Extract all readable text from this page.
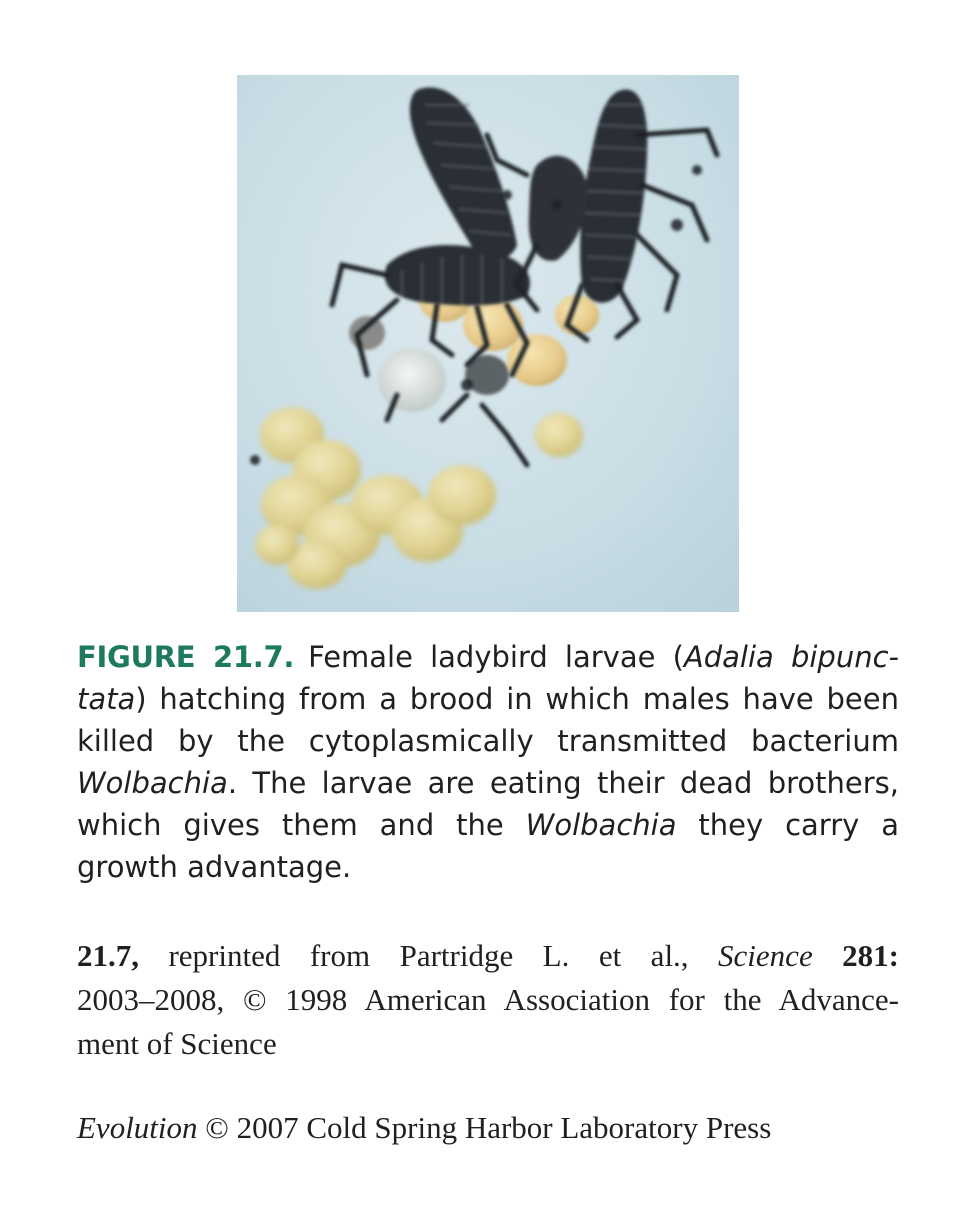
FIGURE 21.7. Female ladybird larvae (Adalia bipunc-
tata) hatching from a brood in which males have been
killed by the cytoplasmically transmitted bacterium
Wolbachia. The larvae are eating their dead brothers,
which gives them and the Wolbachia they carry a
growth advantage.
21.7, reprinted from Partridge L. et al., Science 281:
2003–2008, © 1998 American Association for the Advance-
ment of Science
Evolution © 2007 Cold Spring Harbor Laboratory Press
